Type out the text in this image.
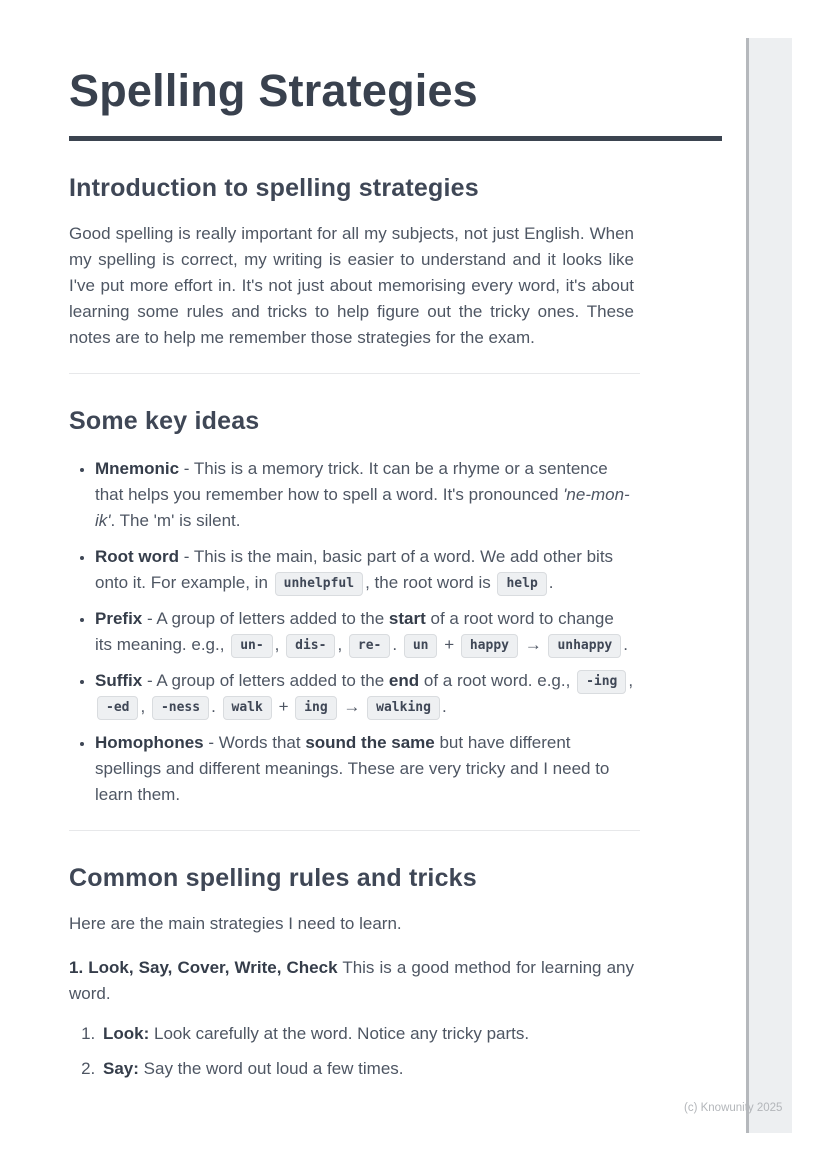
Spelling Strategies
Introduction to spelling strategies

Good spelling is really important for all my subjects, not just English. When my spelling is correct, my writing is easier to understand and it looks like I've put more effort in. It's not just about memorising every word, it's about learning some rules and tricks to help figure out the tricky ones. These notes are to help me remember those strategies for the exam.

Some key ideas
• Mnemonic - This is a memory trick. It can be a rhyme or a sentence that helps you remember how to spell a word. It's pronounced 'ne-mon-ik'. The 'm' is silent.
• Root word - This is the main, basic part of a word. We add other bits onto it. For example, in unhelpful , the root word is help .
• Prefix - A group of letters added to the start of a root word to change its meaning. e.g., un- , dis- , re- . un + happy → unhappy .
• Suffix - A group of letters added to the end of a root word. e.g., -ing , -ed , -ness . walk + ing → walking .
• Homophones - Words that sound the same but have different spellings and different meanings. These are very tricky and I need to learn them.
Common spelling rules and tricks

Here are the main strategies I need to learn.

1. Look, Say, Cover, Write, Check This is a good method for learning any word.

1. Look: Look carefully at the word. Notice any tricky parts.
2. Say: Say the word out loud a few times.
(c) Knowunity 2025
